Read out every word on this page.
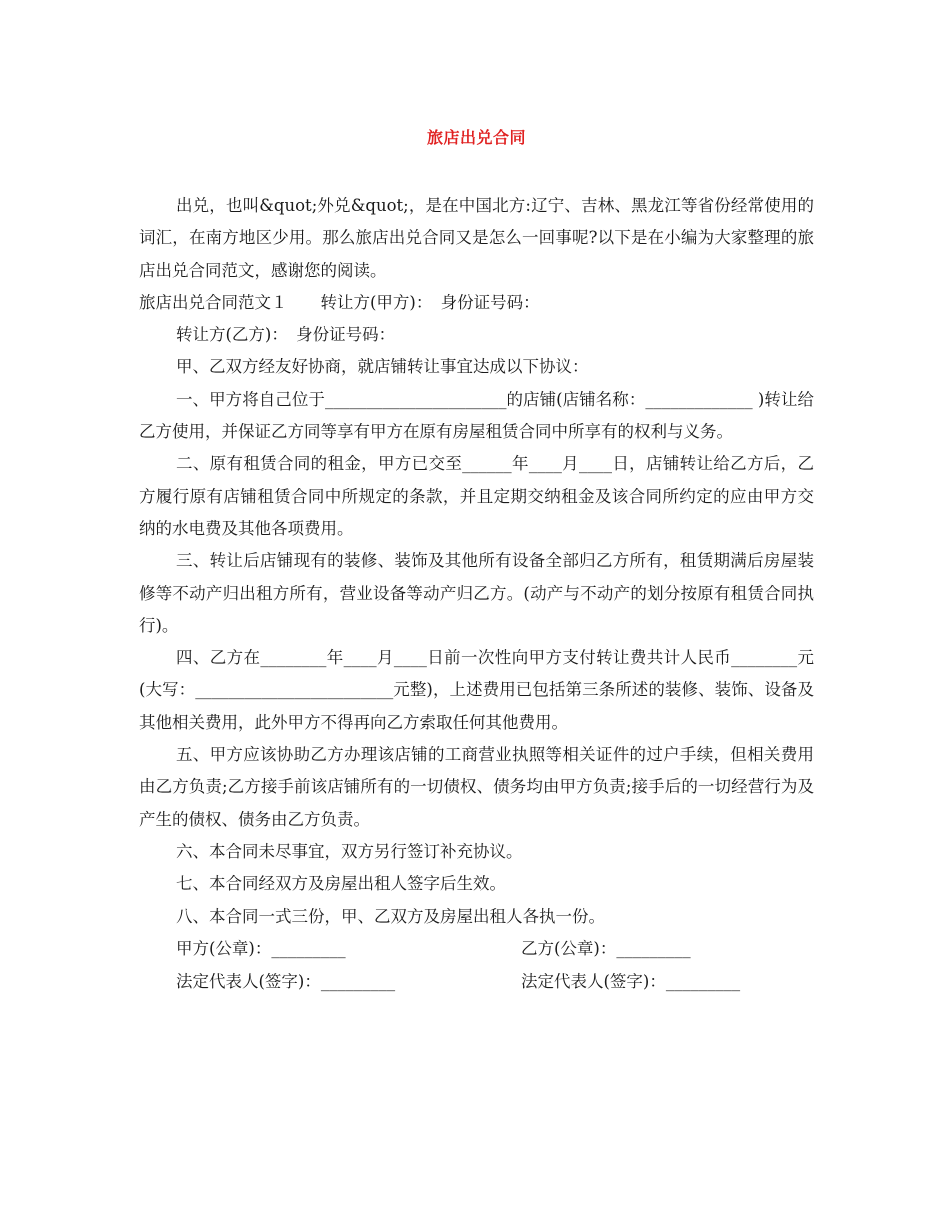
旅店出兑合同

出兑，也叫&quot;外兑&quot;，是在中国北方:辽宁、吉林、黑龙江等省份经常使用的词汇，在南方地区少用。那么旅店出兑合同又是怎么一回事呢?以下是在小编为大家整理的旅店出兑合同范文，感谢您的阅读。

旅店出兑合同范文１　　转让方(甲方)：　身份证号码：

转让方(乙方)：　身份证号码：

甲、乙双方经友好协商，就店铺转让事宜达成以下协议：

一、甲方将自己位于______________________的店铺(店铺名称：_____________ )转让给乙方使用，并保证乙方同等享有甲方在原有房屋租赁合同中所享有的权利与义务。

二、原有租赁合同的租金，甲方已交至______年____月____日，店铺转让给乙方后，乙方履行原有店铺租赁合同中所规定的条款，并且定期交纳租金及该合同所约定的应由甲方交纳的水电费及其他各项费用。

三、转让后店铺现有的装修、装饰及其他所有设备全部归乙方所有，租赁期满后房屋装修等不动产归出租方所有，营业设备等动产归乙方。(动产与不动产的划分按原有租赁合同执行)。

四、乙方在________年____月____日前一次性向甲方支付转让费共计人民币________元(大写：________________________元整)，上述费用已包括第三条所述的装修、装饰、设备及其他相关费用，此外甲方不得再向乙方索取任何其他费用。

五、甲方应该协助乙方办理该店铺的工商营业执照等相关证件的过户手续，但相关费用由乙方负责;乙方接手前该店铺所有的一切债权、债务均由甲方负责;接手后的一切经营行为及产生的债权、债务由乙方负责。

六、本合同未尽事宜，双方另行签订补充协议。

七、本合同经双方及房屋出租人签字后生效。

八、本合同一式三份，甲、乙双方及房屋出租人各执一份。

甲方(公章)：_________	乙方(公章)：_________
法定代表人(签字)：_________	法定代表人(签字)：_________
